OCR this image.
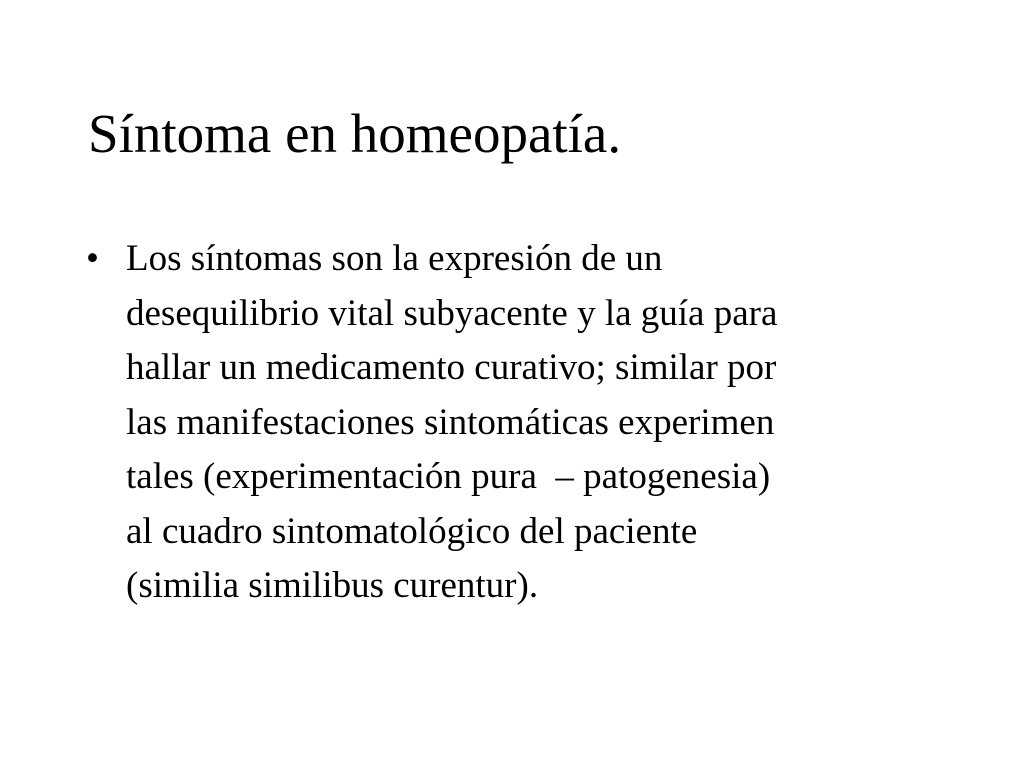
Síntoma en homeopatía.
• Los síntomas son la expresión de un
desequilibrio vital subyacente y la guía para
hallar un medicamento curativo; similar por
las manifestaciones sintomáticas experimen
tales (experimentación pura  – patogenesia)
al cuadro sintomatológico del paciente
(similia similibus curentur).
